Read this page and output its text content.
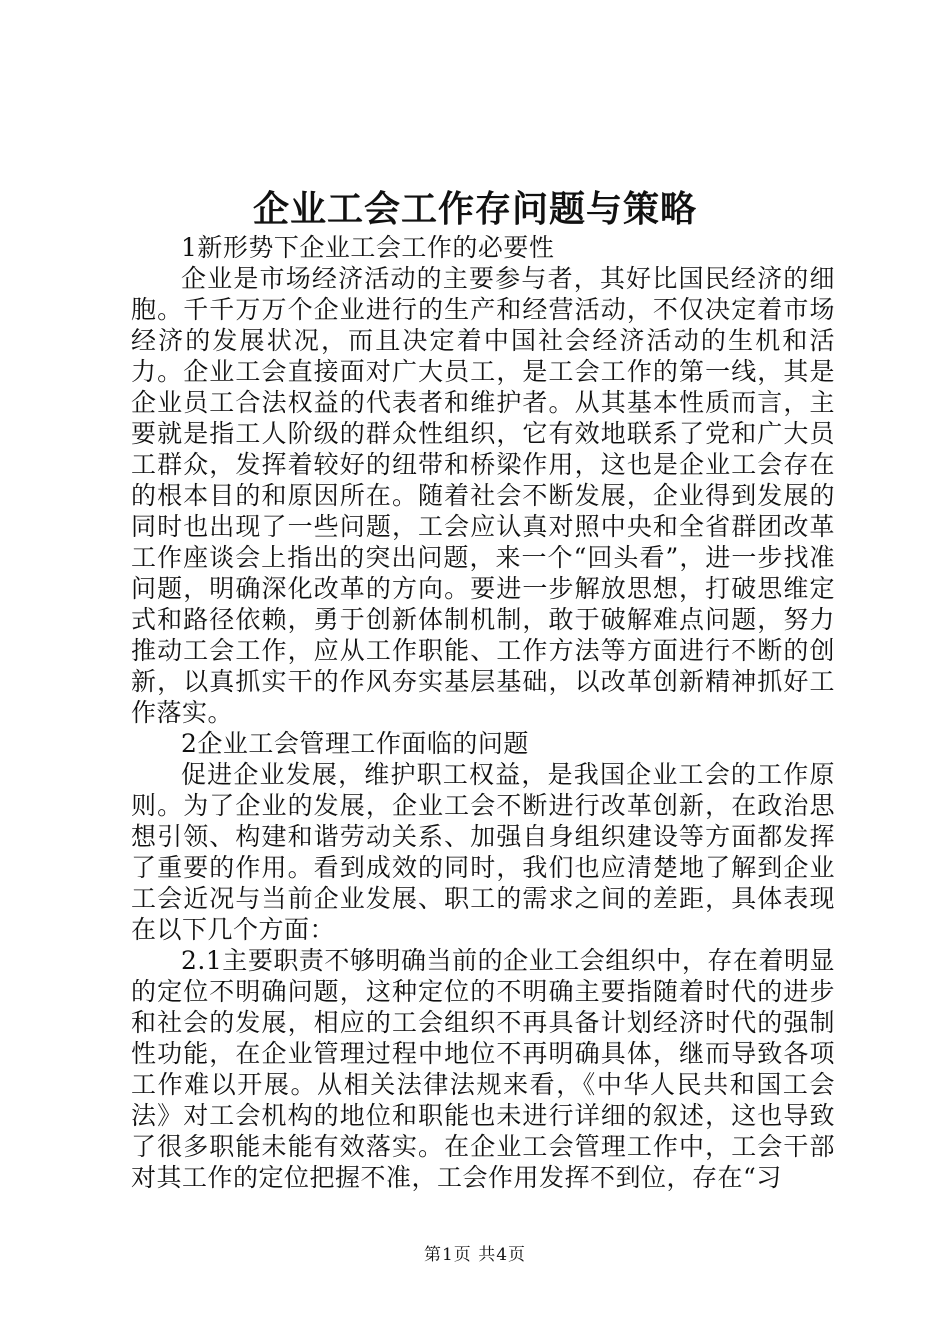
企业工会工作存问题与策略

1新形势下企业工会工作的必要性

企业是市场经济活动的主要参与者，其好比国民经济的细胞。千千万万个企业进行的生产和经营活动，不仅决定着市场经济的发展状况，而且决定着中国社会经济活动的生机和活力。企业工会直接面对广大员工，是工会工作的第一线，其是企业员工合法权益的代表者和维护者。从其基本性质而言，主要就是指工人阶级的群众性组织，它有效地联系了党和广大员工群众，发挥着较好的纽带和桥梁作用，这也是企业工会存在的根本目的和原因所在。随着社会不断发展，企业得到发展的同时也出现了一些问题，工会应认真对照中央和全省群团改革工作座谈会上指出的突出问题，来一个“回头看”，进一步找准问题，明确深化改革的方向。要进一步解放思想，打破思维定式和路径依赖，勇于创新体制机制，敢于破解难点问题，努力推动工会工作，应从工作职能、工作方法等方面进行不断的创新，以真抓实干的作风夯实基层基础，以改革创新精神抓好工作落实。

2企业工会管理工作面临的问题

促进企业发展，维护职工权益，是我国企业工会的工作原则。为了企业的发展，企业工会不断进行改革创新，在政治思想引领、构建和谐劳动关系、加强自身组织建设等方面都发挥了重要的作用。看到成效的同时，我们也应清楚地了解到企业工会近况与当前企业发展、职工的需求之间的差距，具体表现在以下几个方面：

2.1主要职责不够明确当前的企业工会组织中，存在着明显的定位不明确问题，这种定位的不明确主要指随着时代的进步和社会的发展，相应的工会组织不再具备计划经济时代的强制性功能，在企业管理过程中地位不再明确具体，继而导致各项工作难以开展。从相关法律法规来看，《中华人民共和国工会法》对工会机构的地位和职能也未进行详细的叙述，这也导致了很多职能未能有效落实。在企业工会管理工作中，工会干部对其工作的定位把握不准，工会作用发挥不到位，存在“习

第1页 共4页
